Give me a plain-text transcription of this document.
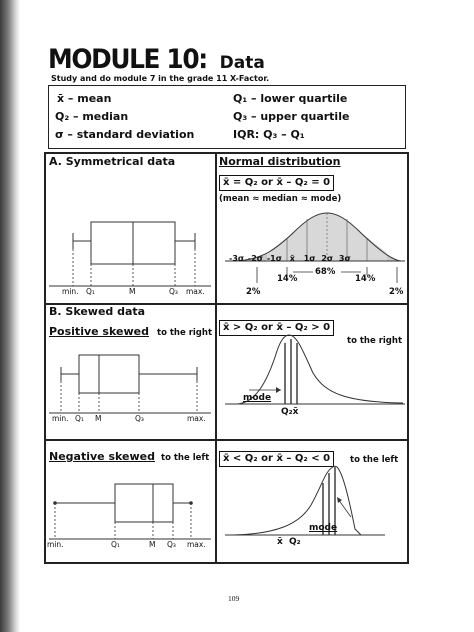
MODULE 10: Data
Study and do module 7 in the grade 11 X-Factor.
x̄ – mean
Q₂ – median
σ – standard deviation
Q₁ – lower quartile
Q₃ – upper quartile
IQR: Q₃ – Q₁
A. Symmetrical data
min. Q₁	M	Q₃ max.
Normal distribution
x̄ = Q₂ or x̄ – Q₂ = 0
(mean ≈ median ≈ mode)
-3σ -2σ -1σ x̄ 1σ 2σ 3σ
68%
14%	14%
2%	2%
B. Skewed data
Positive skewed to the right
min. Q₁ M	Q₃	max.
x̄ > Q₂ or x̄ – Q₂ > 0
to the right
mode
Q₂x̄
Negative skewed to the left
min.	Q₁	M Q₃ max.
x̄ < Q₂ or x̄ – Q₂ < 0	to the left
mode
x̄ Q₂
109
